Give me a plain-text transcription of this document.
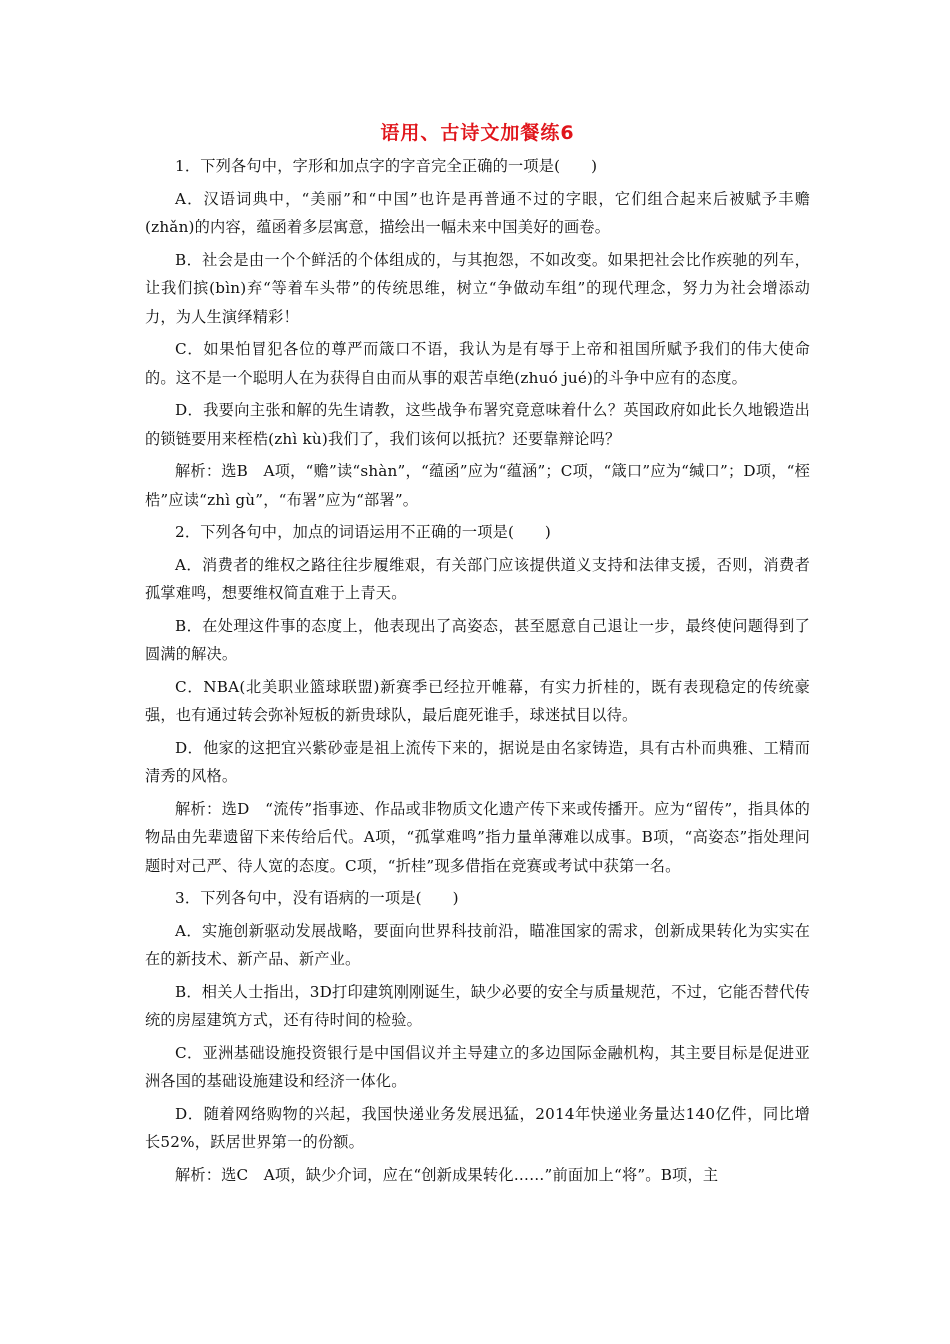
语用、古诗文加餐练6
1．下列各句中，字形和加点字的字音完全正确的一项是(　　)
A．汉语词典中，“美丽”和“中国”也许是再普通不过的字眼，它们组合起来后被赋予丰赡(zhǎn)的内容，蕴函着多层寓意，描绘出一幅未来中国美好的画卷。
B．社会是由一个个鲜活的个体组成的，与其抱怨，不如改变。如果把社会比作疾驰的列车，让我们摈(bìn)弃“等着车头带”的传统思维，树立“争做动车组”的现代理念，努力为社会增添动力，为人生演绎精彩！
C．如果怕冒犯各位的尊严而箴口不语，我认为是有辱于上帝和祖国所赋予我们的伟大使命的。这不是一个聪明人在为获得自由而从事的艰苦卓绝(zhuó jué)的斗争中应有的态度。
D．我要向主张和解的先生请教，这些战争布署究竟意味着什么？英国政府如此长久地锻造出的锁链要用来桎梏(zhì kù)我们了，我们该何以抵抗？还要靠辩论吗？
解析：选B　A项，“赡”读“shàn”，“蕴函”应为“蕴涵”；C项，“箴口”应为“缄口”；D项，“桎梏”应读“zhì gù”，“布署”应为“部署”。
2．下列各句中，加点的词语运用不正确的一项是(　　)
A．消费者的维权之路往往步履维艰，有关部门应该提供道义支持和法律支援，否则，消费者孤掌难鸣，想要维权简直难于上青天。
B．在处理这件事的态度上，他表现出了高姿态，甚至愿意自己退让一步，最终使问题得到了圆满的解决。
C．NBA(北美职业篮球联盟)新赛季已经拉开帷幕，有实力折桂的，既有表现稳定的传统豪强，也有通过转会弥补短板的新贵球队，最后鹿死谁手，球迷拭目以待。
D．他家的这把宜兴紫砂壶是祖上流传下来的，据说是由名家铸造，具有古朴而典雅、工精而清秀的风格。
解析：选D　“流传”指事迹、作品或非物质文化遗产传下来或传播开。应为“留传”，指具体的物品由先辈遗留下来传给后代。A项，“孤掌难鸣”指力量单薄难以成事。B项，“高姿态”指处理问题时对己严、待人宽的态度。C项，“折桂”现多借指在竞赛或考试中获第一名。
3．下列各句中，没有语病的一项是(　　)
A．实施创新驱动发展战略，要面向世界科技前沿，瞄准国家的需求，创新成果转化为实实在在的新技术、新产品、新产业。
B．相关人士指出，3D打印建筑刚刚诞生，缺少必要的安全与质量规范，不过，它能否替代传统的房屋建筑方式，还有待时间的检验。
C．亚洲基础设施投资银行是中国倡议并主导建立的多边国际金融机构，其主要目标是促进亚洲各国的基础设施建设和经济一体化。
D．随着网络购物的兴起，我国快递业务发展迅猛，2014年快递业务量达140亿件，同比增长52%，跃居世界第一的份额。
解析：选C　A项，缺少介词，应在“创新成果转化……”前面加上“将”。B项，主
